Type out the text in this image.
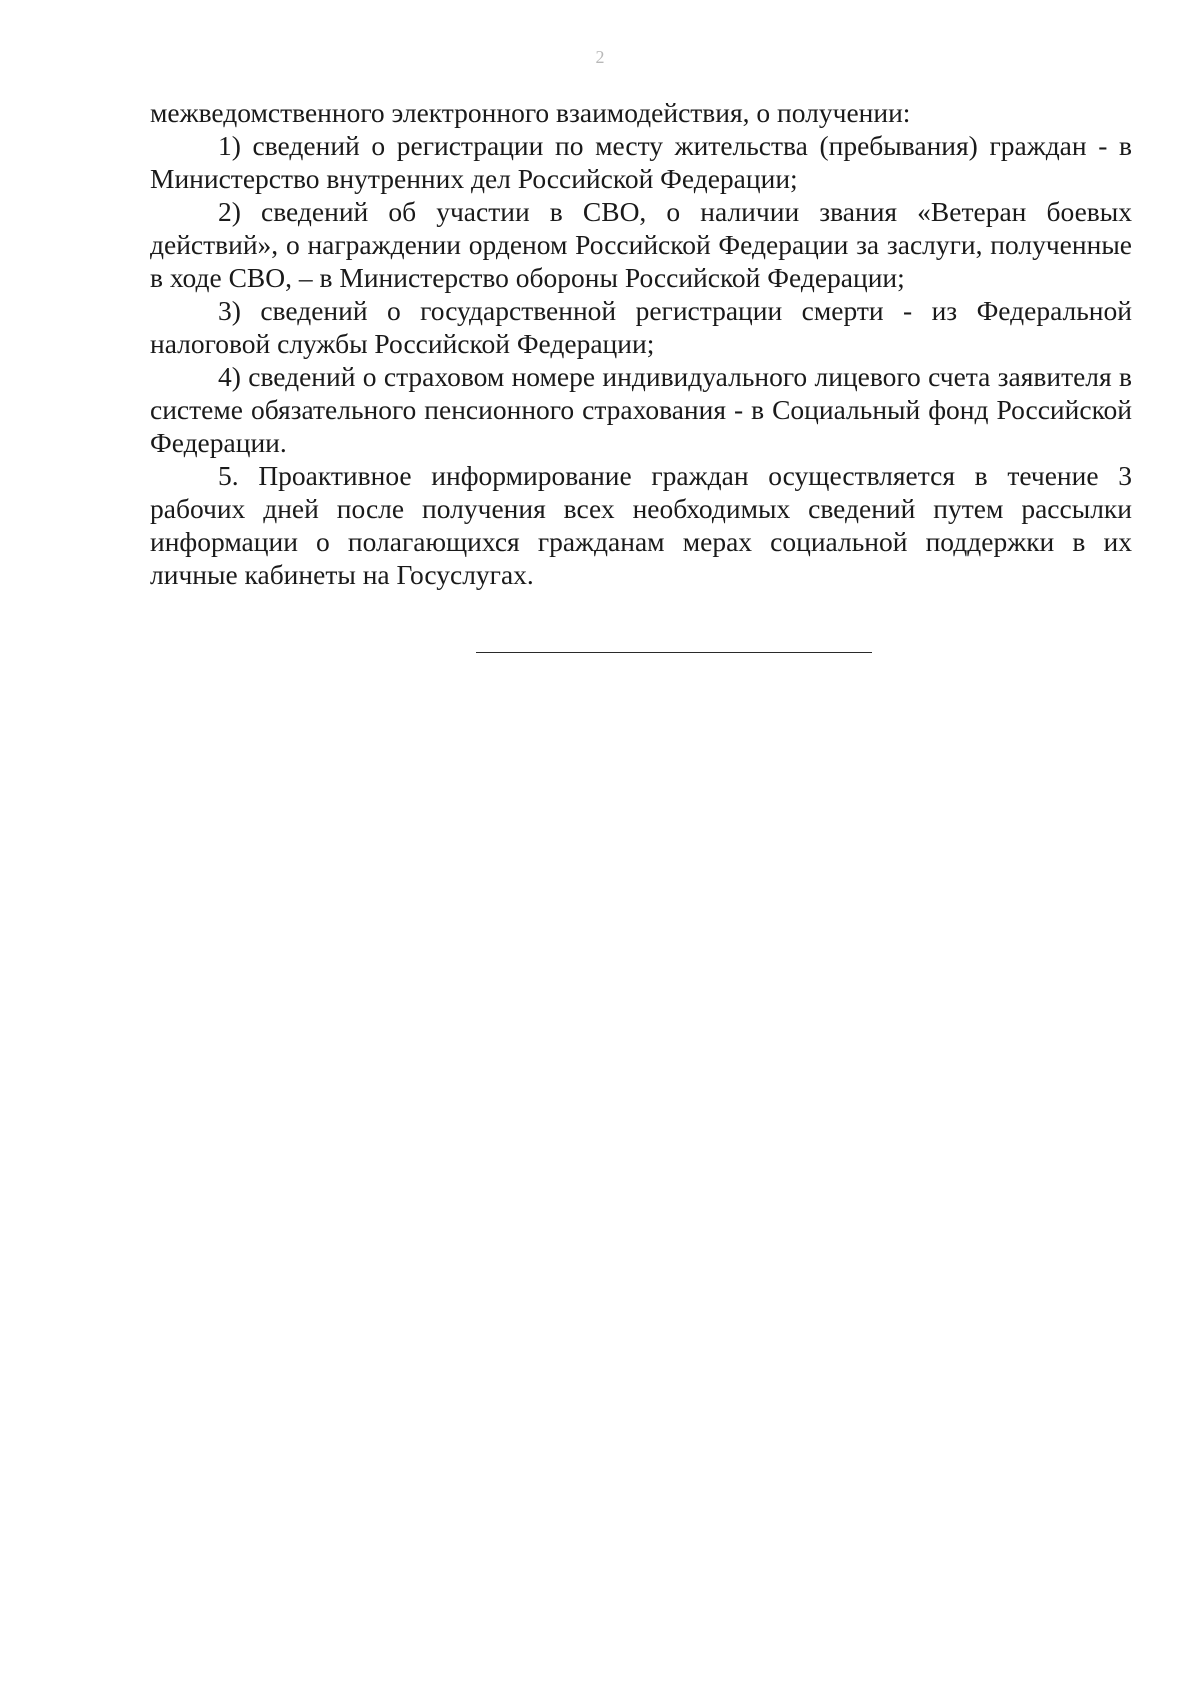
2

межведомственного электронного взаимодействия, о получении:

1) сведений о регистрации по месту жительства (пребывания) граждан - в Министерство внутренних дел Российской Федерации;

2) сведений об участии в СВО, о наличии звания «Ветеран боевых действий», о награждении орденом Российской Федерации за заслуги, полученные в ходе СВО, – в Министерство обороны Российской Федерации;

3) сведений о государственной регистрации смерти - из Федеральной налоговой службы Российской Федерации;

4) сведений о страховом номере индивидуального лицевого счета заявителя в системе обязательного пенсионного страхования - в Социальный фонд Российской Федерации.

5. Проактивное информирование граждан осуществляется в течение 3 рабочих дней после получения всех необходимых сведений путем рассылки информации о полагающихся гражданам мерах социальной поддержки в их личные кабинеты на Госуслугах.
